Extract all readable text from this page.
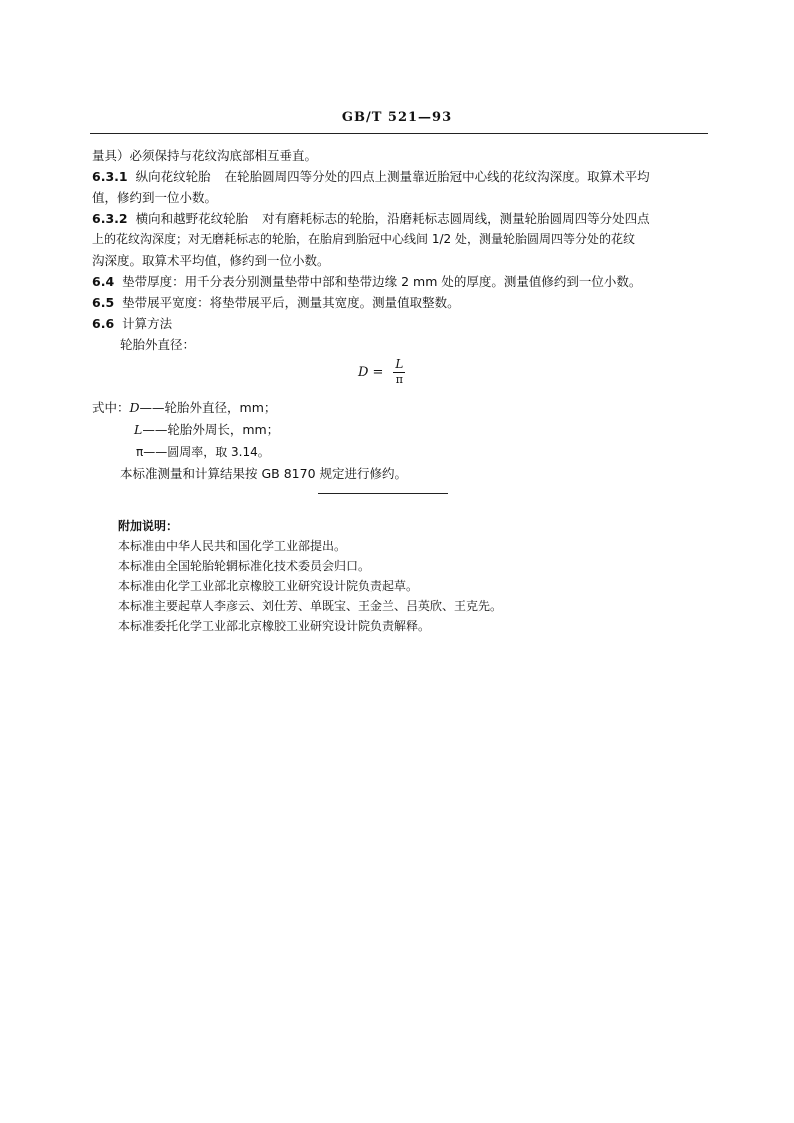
GB/T 521—93
量具）必须保持与花纹沟底部相互垂直。
6.3.1 纵向花纹轮胎 在轮胎圆周四等分处的四点上测量靠近胎冠中心线的花纹沟深度。取算术平均
值，修约到一位小数。
6.3.2 横向和越野花纹轮胎 对有磨耗标志的轮胎，沿磨耗标志圆周线，测量轮胎圆周四等分处四点
上的花纹沟深度；对无磨耗标志的轮胎，在胎肩到胎冠中心线间 1/2 处，测量轮胎圆周四等分处的花纹
沟深度。取算术平均值，修约到一位小数。
6.4 垫带厚度：用千分表分别测量垫带中部和垫带边缘 2 mm 处的厚度。测量值修约到一位小数。
6.5 垫带展平宽度：将垫带展平后，测量其宽度。测量值取整数。
6.6 计算方法
轮胎外直径：
$D = \frac{L}{\pi}$
式中：D——轮胎外直径，mm；
L——轮胎外周长，mm；
π——圆周率，取 3.14。
本标准测量和计算结果按 GB 8170 规定进行修约。
附加说明：
本标准由中华人民共和国化学工业部提出。
本标准由全国轮胎轮辋标准化技术委员会归口。
本标准由化学工业部北京橡胶工业研究设计院负责起草。
本标准主要起草人李彦云、刘仕芳、单既宝、王金兰、吕英欣、王克先。
本标准委托化学工业部北京橡胶工业研究设计院负责解释。
